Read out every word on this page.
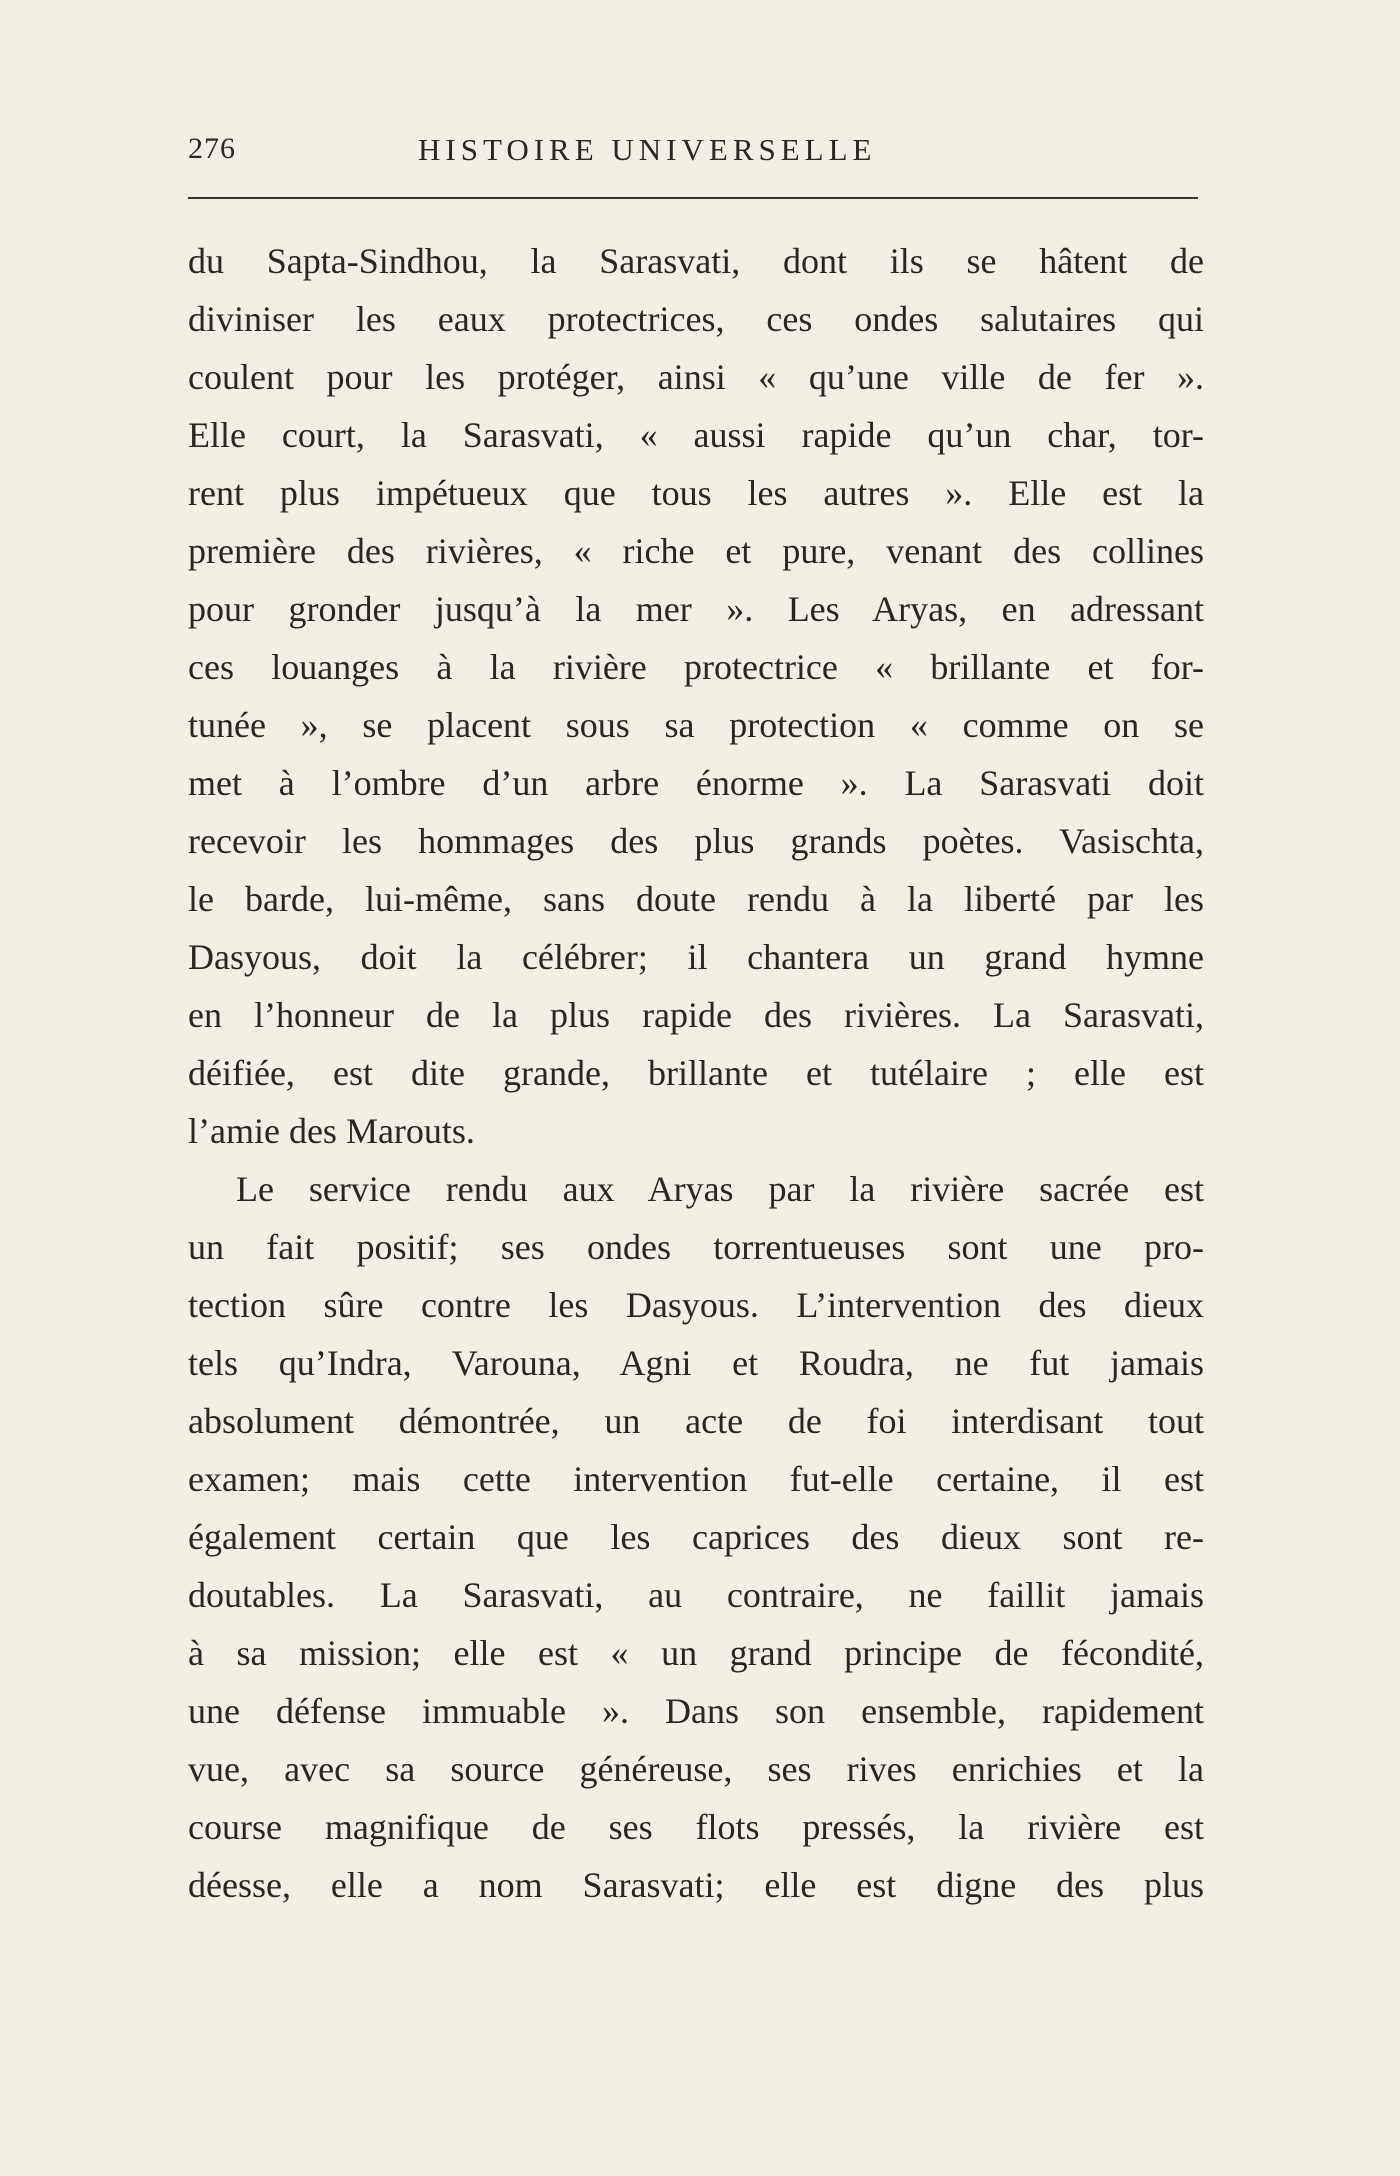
276	HISTOIRE UNIVERSELLE
du Sapta-Sindhou, la Sarasvati, dont ils se hâtent de
diviniser les eaux protectrices, ces ondes salutaires qui
coulent pour les protéger, ainsi « qu’une ville de fer ».
Elle court, la Sarasvati, « aussi rapide qu’un char, tor-
rent plus impétueux que tous les autres ». Elle est la
première des rivières, « riche et pure, venant des collines
pour gronder jusqu’à la mer ». Les Aryas, en adressant
ces louanges à la rivière protectrice « brillante et for-
tunée », se placent sous sa protection « comme on se
met à l’ombre d’un arbre énorme ». La Sarasvati doit
recevoir les hommages des plus grands poètes. Vasischta,
le barde, lui-même, sans doute rendu à la liberté par les
Dasyous, doit la célébrer; il chantera un grand hymne
en l’honneur de la plus rapide des rivières. La Sarasvati,
déifiée, est dite grande, brillante et tutélaire ; elle est
l’amie des Marouts.
Le service rendu aux Aryas par la rivière sacrée est
un fait positif; ses ondes torrentueuses sont une pro-
tection sûre contre les Dasyous. L’intervention des dieux
tels qu’Indra, Varouna, Agni et Roudra, ne fut jamais
absolument démontrée, un acte de foi interdisant tout
examen; mais cette intervention fut-elle certaine, il est
également certain que les caprices des dieux sont re-
doutables. La Sarasvati, au contraire, ne faillit jamais
à sa mission; elle est « un grand principe de fécondité,
une défense immuable ». Dans son ensemble, rapidement
vue, avec sa source généreuse, ses rives enrichies et la
course magnifique de ses flots pressés, la rivière est
déesse, elle a nom Sarasvati; elle est digne des plus
